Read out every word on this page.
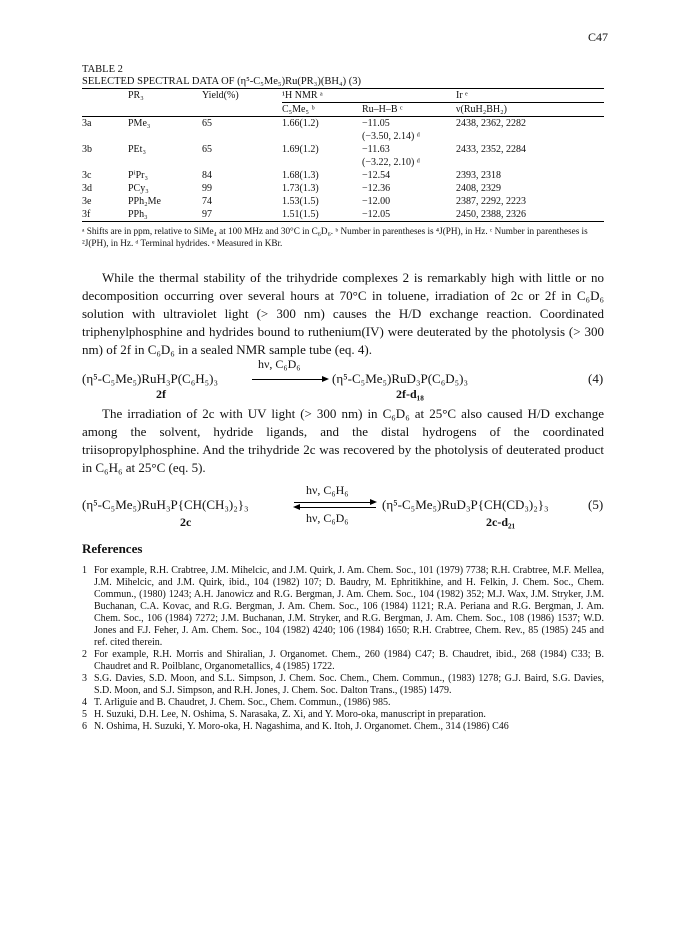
C47
TABLE 2
SELECTED SPECTRAL DATA OF (η⁵-C₅Me₅)Ru(PR₃)(BH₄) (3)
	PR₃	Yield(%)	¹H NMR ᵃ		Ir ᵉ
			C₅Me₅ ᵇ	Ru–H–B ᶜ	ν(RuH₂BH₂)
3a	PMe₃	65	1.66(1.2)	−11.05	2438, 2362, 2282
				(−3.50, 2.14) ᵈ	
3b	PEt₃	65	1.69(1.2)	−11.63	2433, 2352, 2284
				(−3.22, 2.10) ᵈ	
3c	PⁱPr₃	84	1.68(1.3)	−12.54	2393, 2318
3d	PCy₃	99	1.73(1.3)	−12.36	2408, 2329
3e	PPh₂Me	74	1.53(1.5)	−12.00	2387, 2292, 2223
3f	PPh₃	97	1.51(1.5)	−12.05	2450, 2388, 2326
ᵃ Shifts are in ppm, relative to SiMe₄ at 100 MHz and 30°C in C₆D₆. ᵇ Number in parentheses is ⁴J(PH), in Hz. ᶜ Number in parentheses is ²J(PH), in Hz. ᵈ Terminal hydrides. ᵉ Measured in KBr.

While the thermal stability of the trihydride complexes 2 is remarkably high with little or no decomposition occurring over several hours at 70°C in toluene, irradiation of 2c or 2f in C₆D₆ solution with ultraviolet light (> 300 nm) causes the H/D exchange reaction. Coordinated triphenylphosphine and hydrides bound to ruthenium(IV) were deuterated by the photolysis (> 300 nm) of 2f in C₆D₆ in a sealed NMR sample tube (eq. 4).

(η⁵-C₅Me₅)RuH₃P(C₆H₅)₃
hν, C₆D₆
(η⁵-C₅Me₅)RuD₃P(C₆D₅)₃	(4)
2f	2f-d₁₈

The irradiation of 2c with UV light (> 300 nm) in C₆D₆ at 25°C also caused H/D exchange among the solvent, hydride ligands, and the distal hydrogens of the coordinated triisopropylphosphine. And the trihydride 2c was recovered by the photolysis of deuterated product in C₆H₆ at 25°C (eq. 5).

(η⁵-C₅Me₅)RuH₃P{CH(CH₃)₂}₃
hν, C₆H₆
hν, C₆D₆
(η⁵-C₅Me₅)RuD₃P{CH(CD₃)₂}₃	(5)
2c	2c-d₂₁
References
1 For example, R.H. Crabtree, J.M. Mihelcic, and J.M. Quirk, J. Am. Chem. Soc., 101 (1979) 7738; R.H. Crabtree, M.F. Mellea, J.M. Mihelcic, and J.M. Quirk, ibid., 104 (1982) 107; D. Baudry, M. Ephritikhine, and H. Felkin, J. Chem. Soc., Chem. Commun., (1980) 1243; A.H. Janowicz and R.G. Bergman, J. Am. Chem. Soc., 104 (1982) 352; M.J. Wax, J.M. Stryker, J.M. Buchanan, C.A. Kovac, and R.G. Bergman, J. Am. Chem. Soc., 106 (1984) 1121; R.A. Periana and R.G. Bergman, J. Am. Chem. Soc., 106 (1984) 7272; J.M. Buchanan, J.M. Stryker, and R.G. Bergman, J. Am. Chem. Soc., 108 (1986) 1537; W.D. Jones and F.J. Feher, J. Am. Chem. Soc., 104 (1982) 4240; 106 (1984) 1650; R.H. Crabtree, Chem. Rev., 85 (1985) 245 and ref. cited therein.
2 For example, R.H. Morris and Shiralian, J. Organomet. Chem., 260 (1984) C47; B. Chaudret, ibid., 268 (1984) C33; B. Chaudret and R. Poilblanc, Organometallics, 4 (1985) 1722.
3 S.G. Davies, S.D. Moon, and S.L. Simpson, J. Chem. Soc. Chem., Chem. Commun., (1983) 1278; G.J. Baird, S.G. Davies, S.D. Moon, and S.J. Simpson, and R.H. Jones, J. Chem. Soc. Dalton Trans., (1985) 1479.
4 T. Arliguie and B. Chaudret, J. Chem. Soc., Chem. Commun., (1986) 985.
5 H. Suzuki, D.H. Lee, N. Oshima, S. Narasaka, Z. Xi, and Y. Moro-oka, manuscript in preparation.
6 N. Oshima, H. Suzuki, Y. Moro-oka, H. Nagashima, and K. Itoh, J. Organomet. Chem., 314 (1986) C46
